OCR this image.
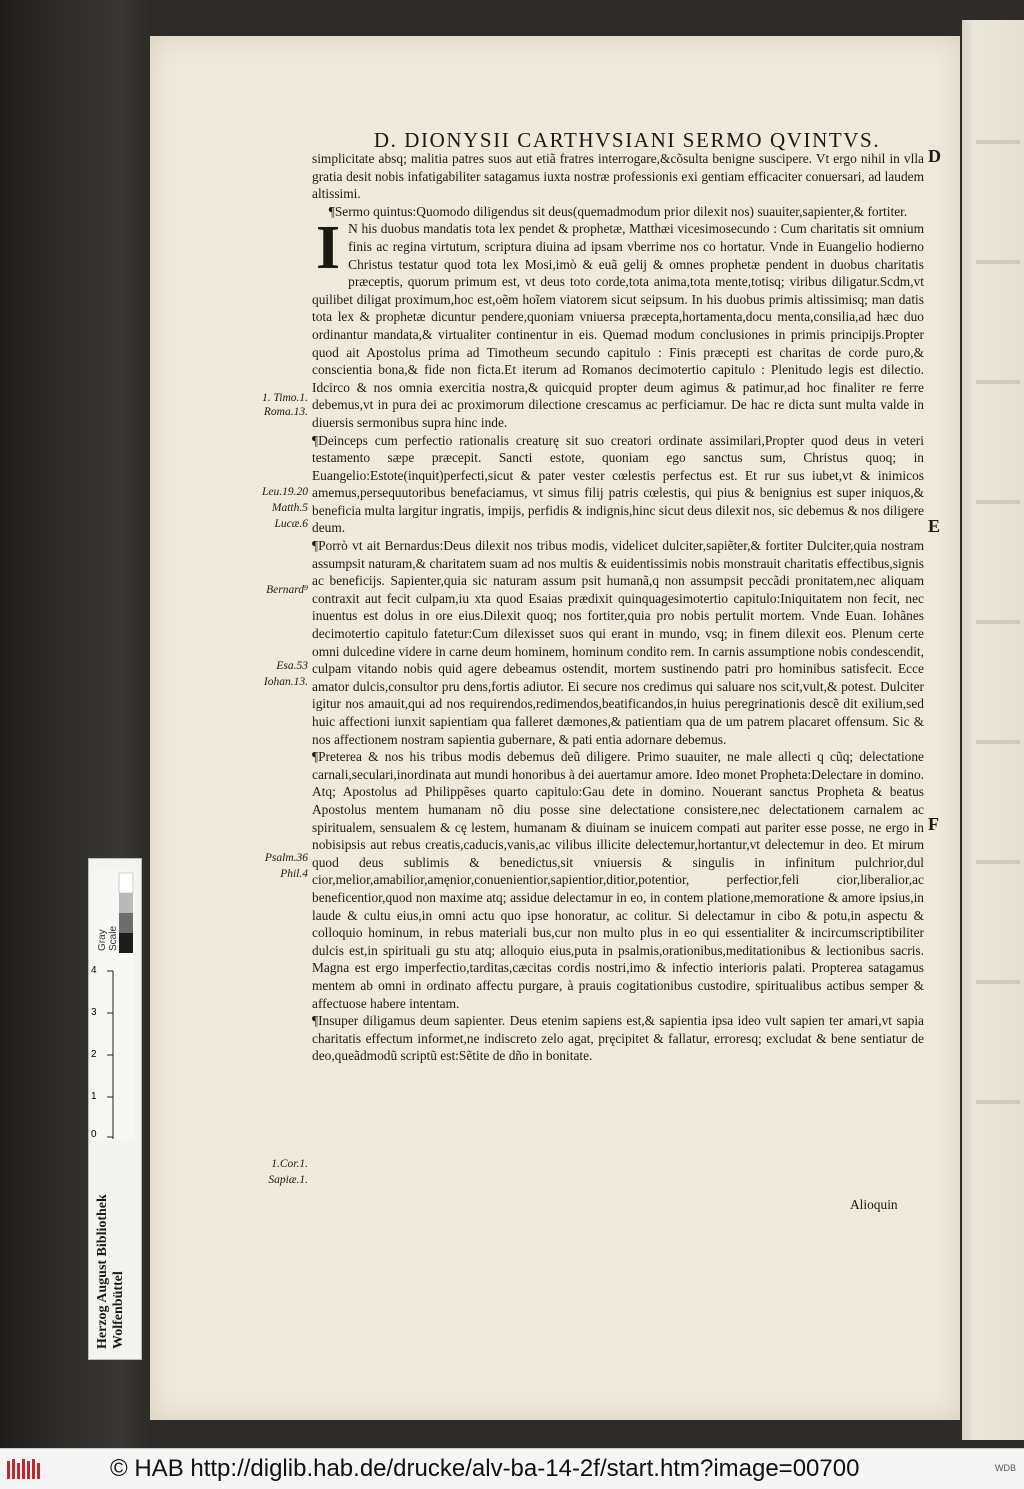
D. DIONYSII CARTHVSIANI SERMO QVINTVS.
D
E
F
1. Timo.1.
Roma.13.
Leu.19.20
Matth.5
Lucæ.6
Bernard⁹
Esa.53
Iohan.13.
Psalm.36
Phil.4
1.Cor.1.
Sapiæ.1.

simplicitate absq; malitia patres suos aut etiã fratres interrogare,&cõsulta benigne suscipere. Vt ergo nihil in vlla gratia desit nobis infatigabiliter satagamus iuxta nostræ professionis exi gentiam efficaciter conuersari, ad laudem altissimi.

¶Sermo quintus:Quomodo diligendus sit deus(quemadmodum prior dilexit nos) suauiter,sapienter,& fortiter.

I N his duobus mandatis tota lex pendet & prophetæ, Matthæi vicesimosecundo : Cum charitatis sit omnium finis ac regina virtutum, scriptura diuina ad ipsam vberrime nos co hortatur. Vnde in Euangelio hodierno Christus testatur quod tota lex Mosi,imò & euã gelij & omnes prophetæ pendent in duobus charitatis præceptis, quorum primum est, vt deus toto corde,tota anima,tota mente,totisq; viribus diligatur.Scdm,vt quilibet diligat proximum,hoc est,oẽm hoĩem viatorem sicut seipsum. In his duobus primis altissimisq; man datis tota lex & prophetæ dicuntur pendere,quoniam vniuersa præcepta,hortamenta,docu menta,consilia,ad hæc duo ordinantur mandata,& virtualiter continentur in eis. Quemad modum conclusiones in primis principijs.Propter quod ait Apostolus prima ad Timotheum secundo capitulo : Finis præcepti est charitas de corde puro,& conscientia bona,& fide non ficta.Et iterum ad Romanos decimotertio capitulo : Plenitudo legis est dilectio. Idcirco & nos omnia exercitia nostra,& quicquid propter deum agimus & patimur,ad hoc finaliter re ferre debemus,vt in pura dei ac proximorum dilectione crescamus ac perficiamur. De hac re dicta sunt multa valde in diuersis sermonibus supra hinc inde.

¶Deinceps cum perfectio rationalis creaturę sit suo creatori ordinate assimilari,Propter quod deus in veteri testamento sæpe præcepit. Sancti estote, quoniam ego sanctus sum, Christus quoq; in Euangelio:Estote(inquit)perfecti,sicut & pater vester cœlestis perfectus est. Et rur sus iubet,vt & inimicos amemus,persequutoribus benefaciamus, vt simus filij patris cœlestis, qui pius & benignius est super iniquos,& beneficia multa largitur ingratis, impijs, perfidis & indignis,hinc sicut deus dilexit nos, sic debemus & nos diligere deum.

¶Porrò vt ait Bernardus:Deus dilexit nos tribus modis, videlicet dulciter,sapiẽter,& fortiter Dulciter,quia nostram assumpsit naturam,& charitatem suam ad nos multis & euidentissimis nobis monstrauit charitatis effectibus,signis ac beneficijs. Sapienter,quia sic naturam assum psit humanã,q non assumpsit peccãdi pronitatem,nec aliquam contraxit aut fecit culpam,iu xta quod Esaias prædixit quinquagesimotertio capitulo:Iniquitatem non fecit, nec inuentus est dolus in ore eius.Dilexit quoq; nos fortiter,quia pro nobis pertulit mortem. Vnde Euan. Iohãnes decimotertio capitulo fatetur:Cum dilexisset suos qui erant in mundo, vsq; in finem dilexit eos. Plenum certe omni dulcedine videre in carne deum hominem, hominum condito rem. In carnis assumptione nobis condescendit, culpam vitando nobis quid agere debeamus ostendit, mortem sustinendo patri pro hominibus satisfecit. Ecce amator dulcis,consultor pru dens,fortis adiutor. Ei secure nos credimus qui saluare nos scit,vult,& potest. Dulciter igitur nos amauit,qui ad nos requirendos,redimendos,beatificandos,in huius peregrinationis descẽ dit exilium,sed huic affectioni iunxit sapientiam qua falleret dæmones,& patientiam qua de um patrem placaret offensum. Sic & nos affectionem nostram sapientia gubernare, & pati entia adornare debemus.

¶Preterea & nos his tribus modis debemus deũ diligere. Primo suauiter, ne male allecti q cũq; delectatione carnali,seculari,inordinata aut mundi honoribus à dei auertamur amore. Ideo monet Propheta:Delectare in domino. Atq; Apostolus ad Philippẽses quarto capitulo:Gau dete in domino. Nouerant sanctus Propheta & beatus Apostolus mentem humanam nõ diu posse sine delectatione consistere,nec delectationem carnalem ac spiritualem, sensualem & cę lestem, humanam & diuinam se inuicem compati aut pariter esse posse, ne ergo in nobisipsis aut rebus creatis,caducis,vanis,ac vilibus illicite delectemur,hortantur,vt delectemur in deo. Et mirum quod deus sublimis & benedictus,sit vniuersis & singulis in infinitum pulchrior,dul cior,melior,amabilior,amęnior,conuenientior,sapientior,ditior,potentior, perfectior,feli cior,liberalior,ac beneficentior,quod non maxime atq; assidue delectamur in eo, in contem platione,memoratione & amore ipsius,in laude & cultu eius,in omni actu quo ipse honoratur, ac colitur. Si delectamur in cibo & potu,in aspectu & colloquio hominum, in rebus materiali bus,cur non multo plus in eo qui essentialiter & incircumscriptibiliter dulcis est,in spirituali gu stu atq; alloquio eius,puta in psalmis,orationibus,meditationibus & lectionibus sacris. Magna est ergo imperfectio,tarditas,cæcitas cordis nostri,imo & infectio interioris palati. Propterea satagamus mentem ab omni in ordinato affectu purgare, à prauis cogitationibus custodire, spiritualibus actibus semper & affectuose habere intentam.

¶Insuper diligamus deum sapienter. Deus etenim sapiens est,& sapientia ipsa ideo vult sapien ter amari,vt sapia charitatis effectum informet,ne indiscreto zelo agat, pręcipitet & fallatur, erroresq; excludat & bene sentiatur de deo,queãdmodũ scriptũ est:Sẽtite de dño in bonitate.

Alioquin
Gray Scale
4
3
2
1
0
Herzog August Bibliothek Wolfenbüttel
© HAB http://diglib.hab.de/drucke/alv-ba-14-2f/start.htm?image=00700	WDB
